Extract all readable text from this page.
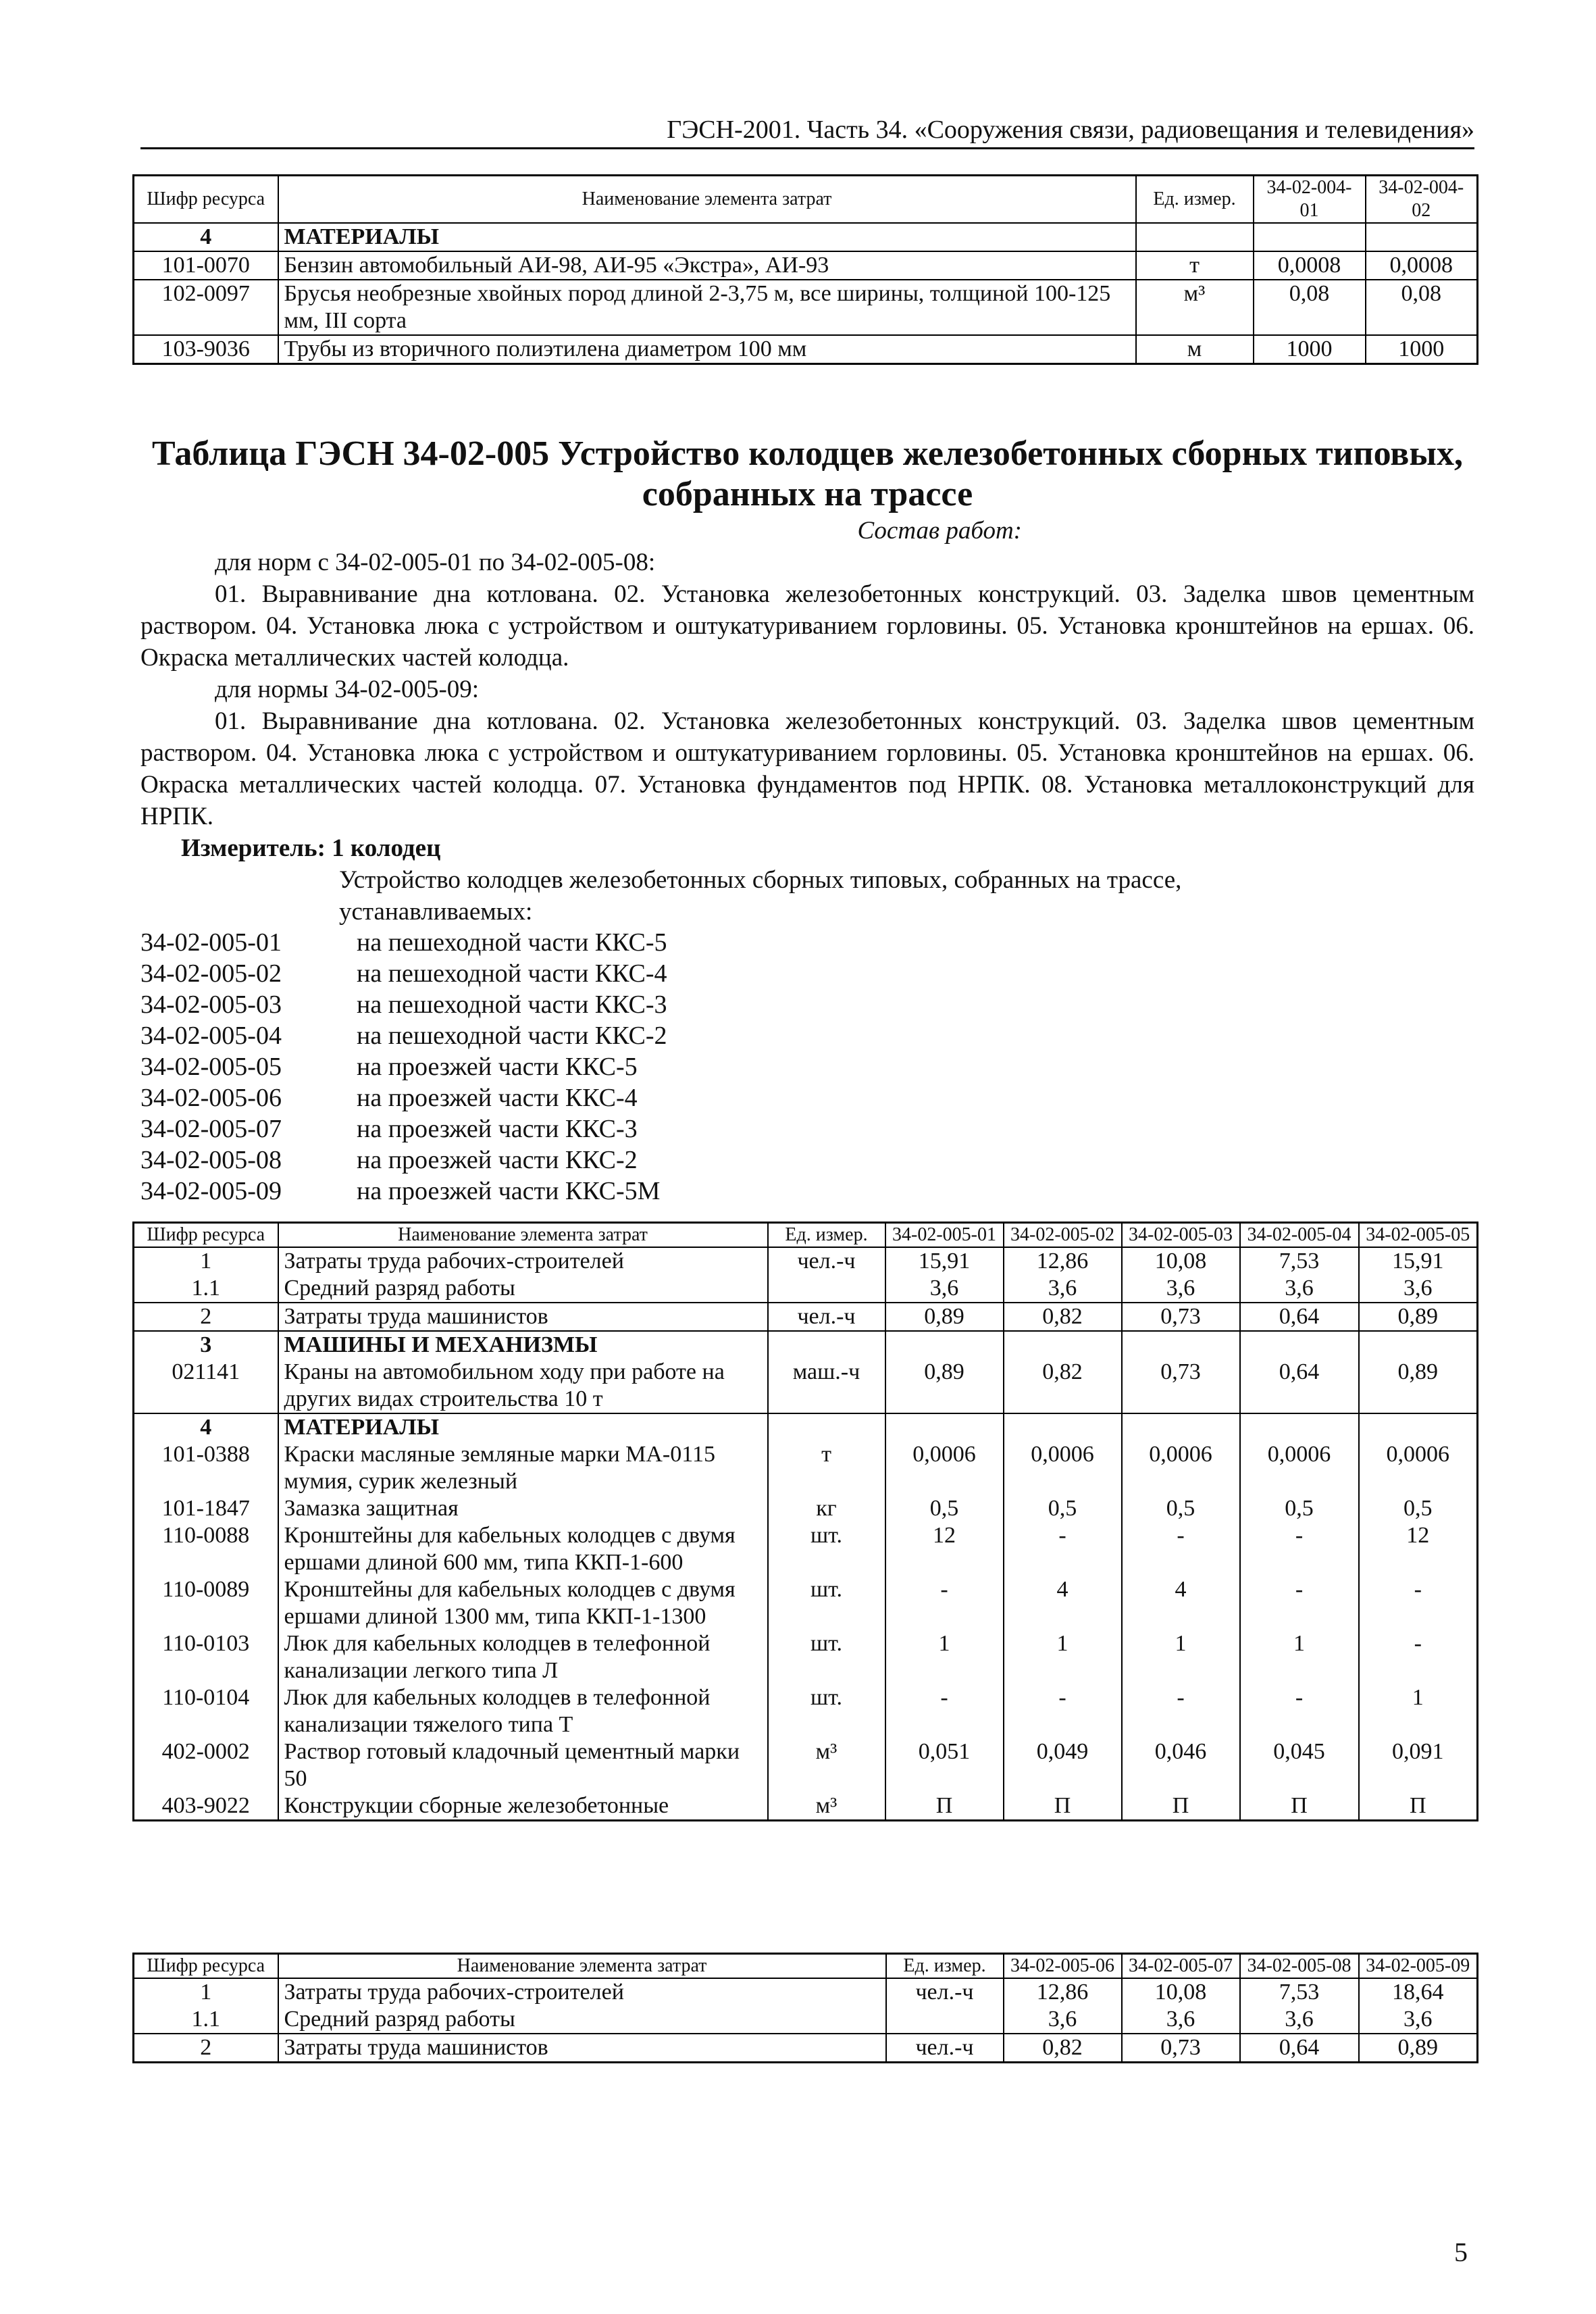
ГЭСН-2001. Часть 34. «Сооружения связи, радиовещания и телевидения»
Шифр ресурса	Наименование элемента затрат	Ед. измер.	34-02-004-01	34-02-004-02
4	МАТЕРИАЛЫ			
101-0070	Бензин автомобильный АИ-98, АИ-95 «Экстра», АИ-93	т	0,0008	0,0008
102-0097	Брусья необрезные хвойных пород длиной 2-3,75 м, все ширины, толщиной 100-125 мм, III сорта	м³	0,08	0,08
103-9036	Трубы из вторичного полиэтилена диаметром 100 мм	м	1000	1000
Таблица ГЭСН 34-02-005 Устройство колодцев железобетонных сборных типовых,
собранных на трассе
Состав работ:
для норм с 34-02-005-01 по 34-02-005-08:
01. Выравнивание дна котлована. 02. Установка железобетонных конструкций. 03. Заделка швов цементным раствором. 04. Установка люка с устройством и оштукатуриванием горловины. 05. Установка кронштейнов на ершах. 06. Окраска металлических частей колодца.
для нормы 34-02-005-09:
01. Выравнивание дна котлована. 02. Установка железобетонных конструкций. 03. Заделка швов цементным раствором. 04. Установка люка с устройством и оштукатуриванием горловины. 05. Установка кронштейнов на ершах. 06. Окраска металлических частей колодца. 07. Установка фундаментов под НРПК. 08. Установка металлоконструкций для НРПК.
Измеритель: 1 колодец
Устройство колодцев железобетонных сборных типовых, собранных на трассе,
устанавливаемых:
34-02-005-01	на пешеходной части ККС-5
34-02-005-02	на пешеходной части ККС-4
34-02-005-03	на пешеходной части ККС-3
34-02-005-04	на пешеходной части ККС-2
34-02-005-05	на проезжей части ККС-5
34-02-005-06	на проезжей части ККС-4
34-02-005-07	на проезжей части ККС-3
34-02-005-08	на проезжей части ККС-2
34-02-005-09	на проезжей части ККС-5М
Шифр ресурса	Наименование элемента затрат	Ед. измер.	34-02-005-01	34-02-005-02	34-02-005-03	34-02-005-04	34-02-005-05
1	Затраты труда рабочих-строителей	чел.-ч	15,91	12,86	10,08	7,53	15,91
1.1	Средний разряд работы		3,6	3,6	3,6	3,6	3,6
2	Затраты труда машинистов	чел.-ч	0,89	0,82	0,73	0,64	0,89
3	МАШИНЫ И МЕХАНИЗМЫ						
021141	Краны на автомобильном ходу при работе на других видах строительства 10 т	маш.-ч	0,89	0,82	0,73	0,64	0,89
4	МАТЕРИАЛЫ						
101-0388	Краски масляные земляные марки МА-0115 мумия, сурик железный	т	0,0006	0,0006	0,0006	0,0006	0,0006
101-1847	Замазка защитная	кг	0,5	0,5	0,5	0,5	0,5
110-0088	Кронштейны для кабельных колодцев с двумя ершами длиной 600 мм, типа ККП-1-600	шт.	12	-	-	-	12
110-0089	Кронштейны для кабельных колодцев с двумя ершами длиной 1300 мм, типа ККП-1-1300	шт.	-	4	4	-	-
110-0103	Люк для кабельных колодцев в телефонной канализации легкого типа Л	шт.	1	1	1	1	-
110-0104	Люк для кабельных колодцев в телефонной канализации тяжелого типа Т	шт.	-	-	-	-	1
402-0002	Раствор готовый кладочный цементный марки 50	м³	0,051	0,049	0,046	0,045	0,091
403-9022	Конструкции сборные железобетонные	м³	П	П	П	П	П
Шифр ресурса	Наименование элемента затрат	Ед. измер.	34-02-005-06	34-02-005-07	34-02-005-08	34-02-005-09
1	Затраты труда рабочих-строителей	чел.-ч	12,86	10,08	7,53	18,64
1.1	Средний разряд работы		3,6	3,6	3,6	3,6
2	Затраты труда машинистов	чел.-ч	0,82	0,73	0,64	0,89
5
